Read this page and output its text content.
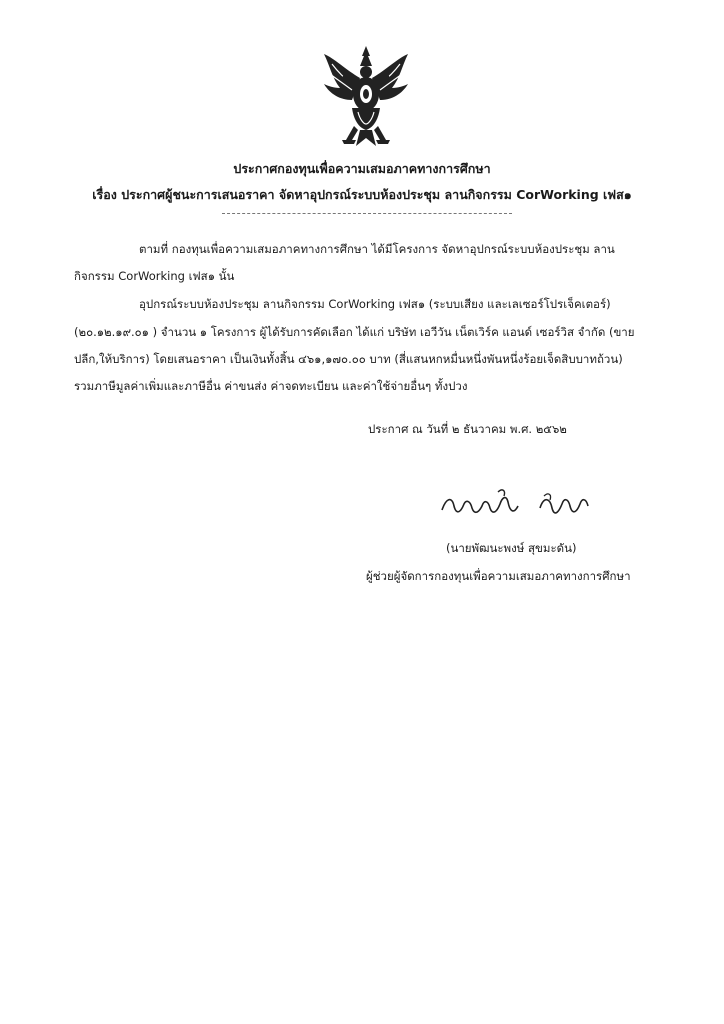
ประกาศกองทุนเพื่อความเสมอภาคทางการศึกษา
เรื่อง ประกาศผู้ชนะการเสนอราคา จัดหาอุปกรณ์ระบบห้องประชุม ลานกิจกรรม CorWorking เฟส๑
ตามที่ กองทุนเพื่อความเสมอภาคทางการศึกษา ได้มีโครงการ จัดหาอุปกรณ์ระบบห้องประชุม ลาน
กิจกรรม CorWorking เฟส๑ นั้น
อุปกรณ์ระบบห้องประชุม ลานกิจกรรม CorWorking เฟส๑ (ระบบเสียง และเลเซอร์โปรเจ็คเตอร์)
(๒๐.๑๒.๑๙.๐๑ ) จำนวน ๑ โครงการ ผู้ได้รับการคัดเลือก ได้แก่ บริษัท เอวีวัน เน็ตเวิร์ค แอนด์ เซอร์วิส จำกัด (ขาย
ปลีก,ให้บริการ) โดยเสนอราคา เป็นเงินทั้งสิ้น ๔๖๑,๑๗๐.๐๐ บาท (สี่แสนหกหมื่นหนึ่งพันหนึ่งร้อยเจ็ดสิบบาทถ้วน)
รวมภาษีมูลค่าเพิ่มและภาษีอื่น ค่าขนส่ง ค่าจดทะเบียน และค่าใช้จ่ายอื่นๆ ทั้งปวง
ประกาศ ณ วันที่ ๒ ธันวาคม พ.ศ. ๒๕๖๒
(นายพัฒนะพงษ์ สุขมะดัน)
ผู้ช่วยผู้จัดการกองทุนเพื่อความเสมอภาคทางการศึกษา
